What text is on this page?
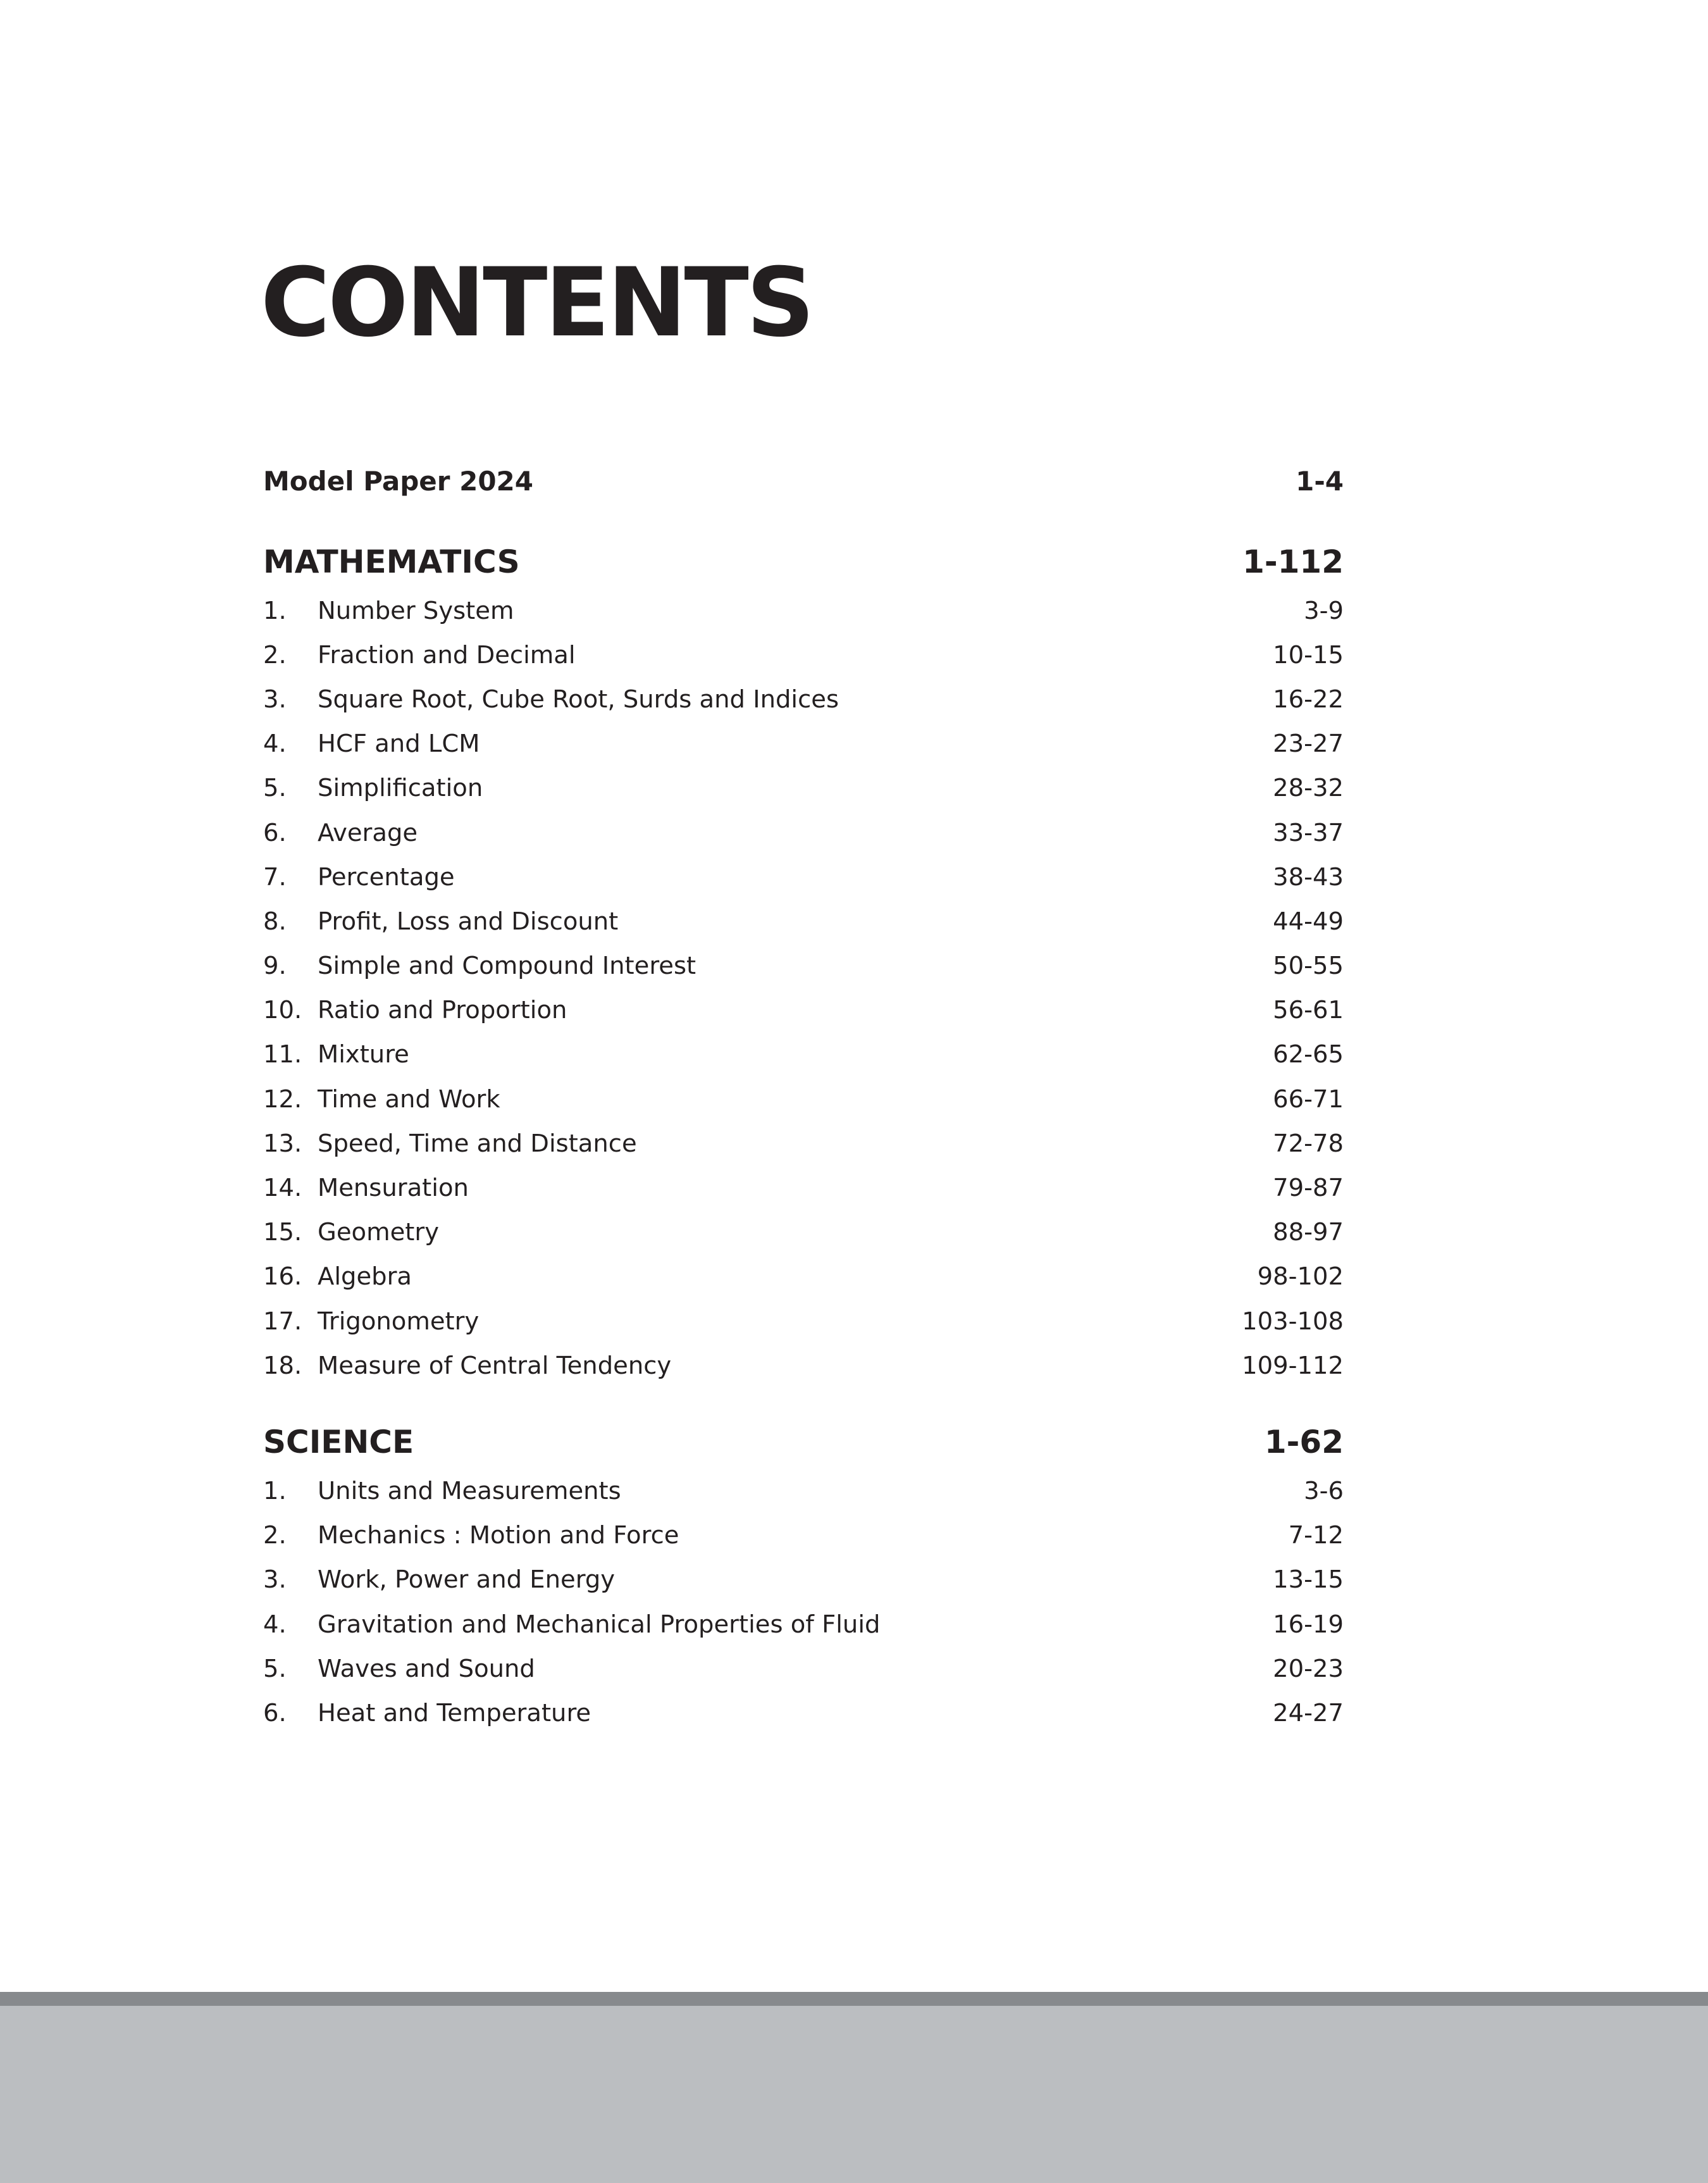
CONTENTS
Model Paper 2024	1-4
MATHEMATICS	1-112
1.	Number System	3-9
2.	Fraction and Decimal	10-15
3.	Square Root, Cube Root, Surds and Indices	16-22
4.	HCF and LCM	23-27
5.	Simplification	28-32
6.	Average	33-37
7.	Percentage	38-43
8.	Profit, Loss and Discount	44-49
9.	Simple and Compound Interest	50-55
10. Ratio and Proportion	56-61
11. Mixture	62-65
12. Time and Work	66-71
13. Speed, Time and Distance	72-78
14. Mensuration	79-87
15. Geometry	88-97
16. Algebra	98-102
17. Trigonometry	103-108
18. Measure of Central Tendency	109-112
SCIENCE	1-62
1.	Units and Measurements	3-6
2.	Mechanics : Motion and Force	7-12
3.	Work, Power and Energy	13-15
4.	Gravitation and Mechanical Properties of Fluid	16-19
5.	Waves and Sound	20-23
6.	Heat and Temperature	24-27
